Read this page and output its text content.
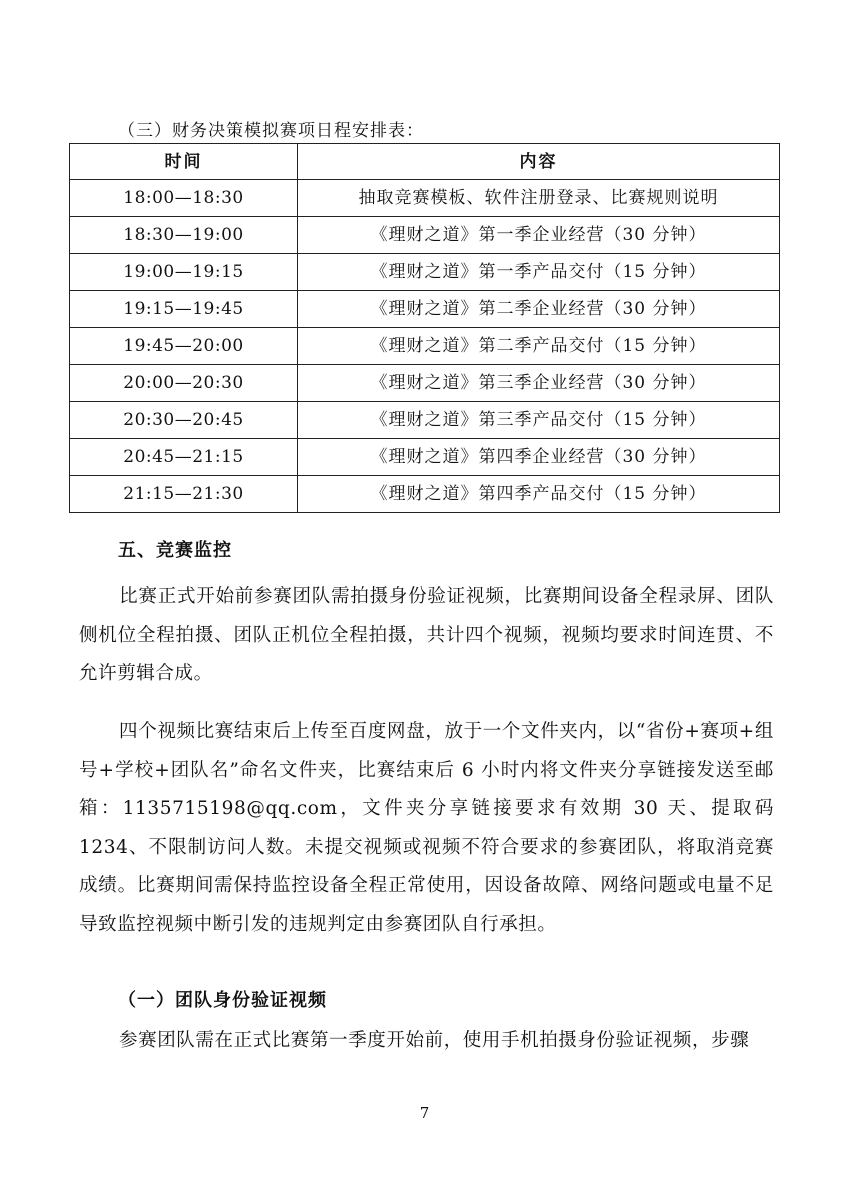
（三）财务决策模拟赛项日程安排表：
时间	内容
18:00—18:30	抽取竞赛模板、软件注册登录、比赛规则说明
18:30—19:00	《理财之道》第一季企业经营（30 分钟）
19:00—19:15	《理财之道》第一季产品交付（15 分钟）
19:15—19:45	《理财之道》第二季企业经营（30 分钟）
19:45—20:00	《理财之道》第二季产品交付（15 分钟）
20:00—20:30	《理财之道》第三季企业经营（30 分钟）
20:30—20:45	《理财之道》第三季产品交付（15 分钟）
20:45—21:15	《理财之道》第四季企业经营（30 分钟）
21:15—21:30	《理财之道》第四季产品交付（15 分钟）
五、竞赛监控

比赛正式开始前参赛团队需拍摄身份验证视频，比赛期间设备全程录屏、团队侧机位全程拍摄、团队正机位全程拍摄，共计四个视频，视频均要求时间连贯、不允许剪辑合成。

四个视频比赛结束后上传至百度网盘，放于一个文件夹内，以“省份+赛项+组号+学校+团队名”命名文件夹，比赛结束后 6 小时内将文件夹分享链接发送至邮箱：1135715198@qq.com，文件夹分享链接要求有效期 30 天、提取码 1234、不限制访问人数。未提交视频或视频不符合要求的参赛团队，将取消竞赛成绩。比赛期间需保持监控设备全程正常使用，因设备故障、网络问题或电量不足导致监控视频中断引发的违规判定由参赛团队自行承担。

（一）团队身份验证视频

参赛团队需在正式比赛第一季度开始前，使用手机拍摄身份验证视频，步骤

7
